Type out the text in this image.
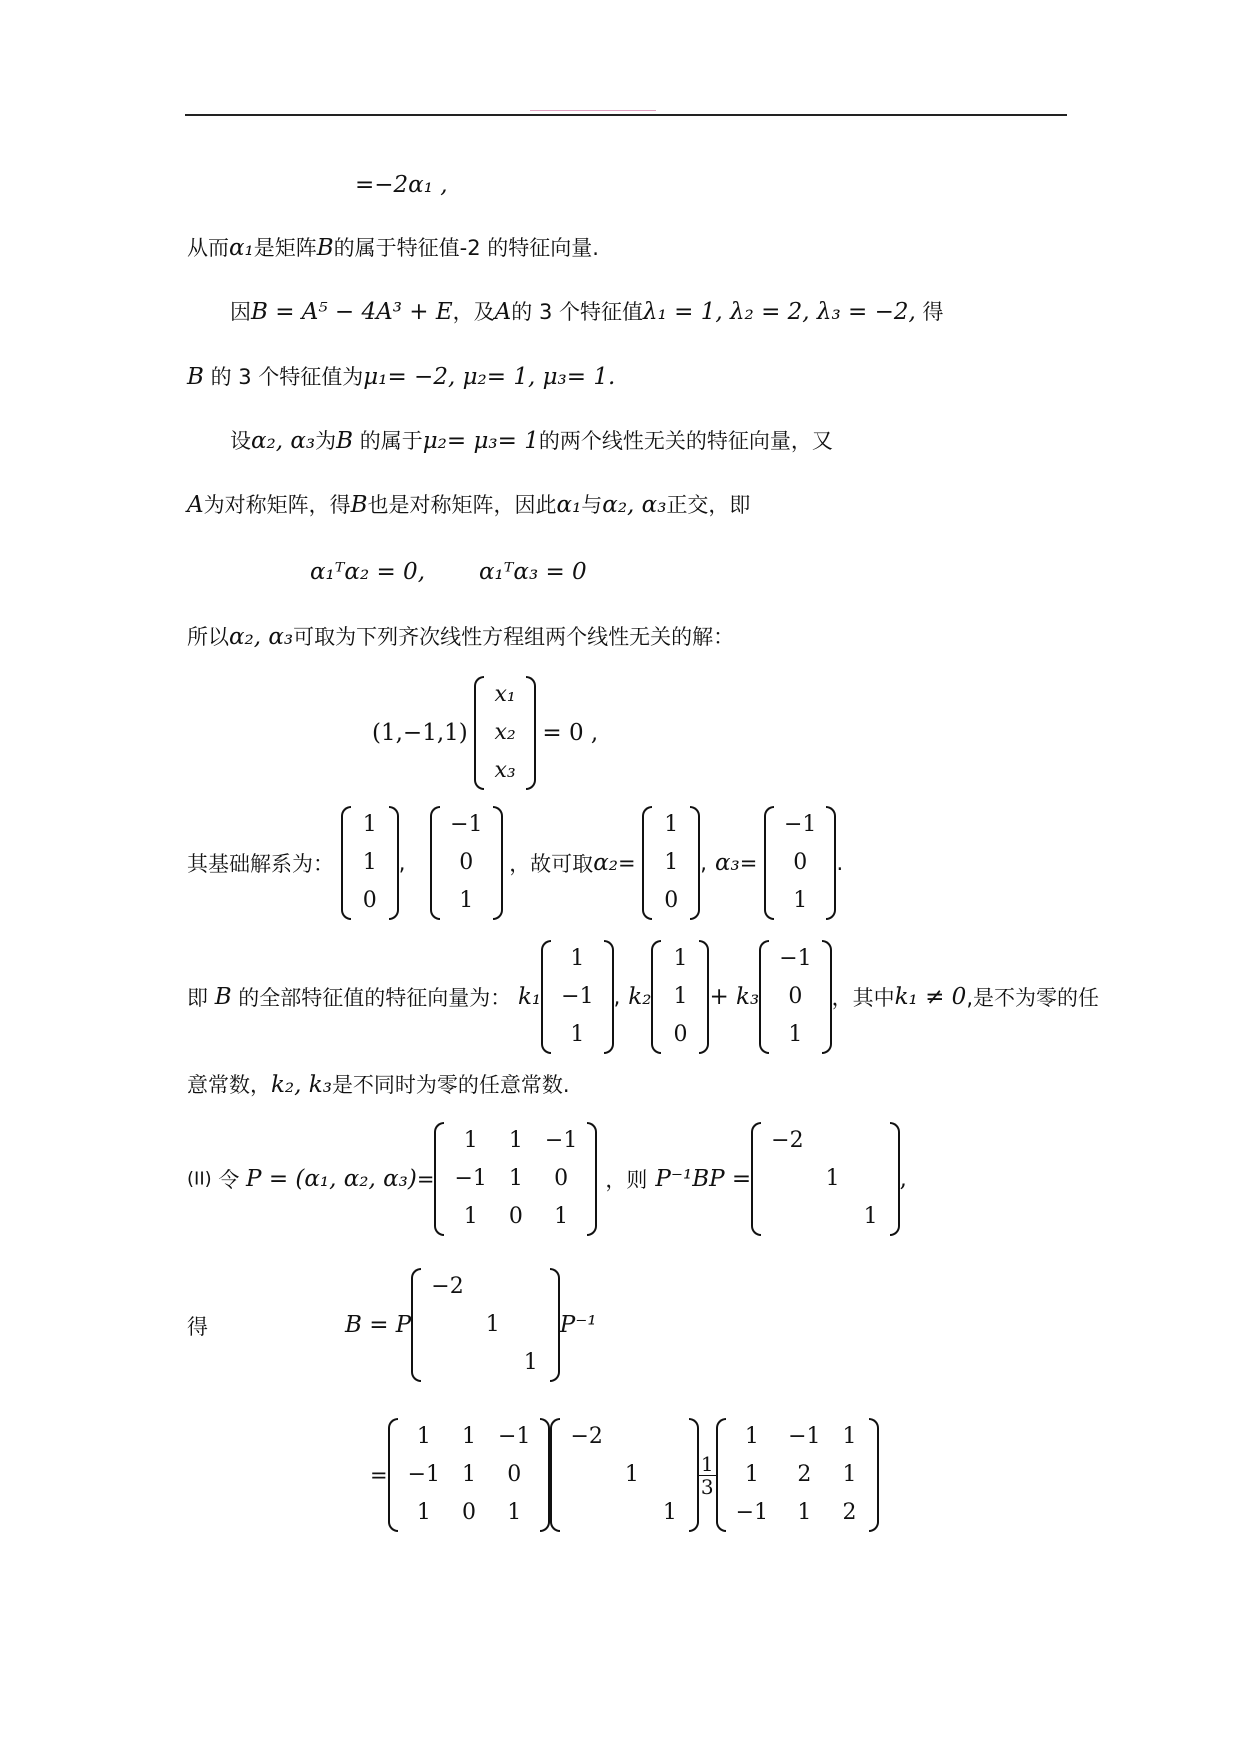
=−2α₁ ,
从而α₁是矩阵B的属于特征值-2 的特征向量.
因B = A⁵ − 4A³ + E，及A的 3 个特征值λ₁ = 1, λ₂ = 2, λ₃ = −2, 得
B 的 3 个特征值为μ₁= −2, μ₂= 1, μ₃= 1.
设α₂, α₃为B 的属于μ₂= μ₃= 1的两个线性无关的特征向量，又
A为对称矩阵，得B也是对称矩阵，因此α₁与α₂, α₃正交，即
α₁ᵀα₂ = 0, α₁ᵀα₃ = 0
所以α₂, α₃可取为下列齐次线性方程组两个线性无关的解：
(1,−1,1)
x₁
x₂
x₃
= 0 ,
其基础解系为：
1
1
0
,
−1
0
1
，故可取α₂=
1
1
0
, α₃=
−1
0
1
.
即 B 的全部特征值的特征向量为： k₁
1
−1
1
, k₂
1
1
0
+ k₃
−1
0
1
，其中k₁ ≠ 0,是不为零的任
意常数，k₂, k₃是不同时为零的任意常数.
(II) 令 P = (α₁, α₂, α₃)=
1	1	−1
−1	1	0
1	0	1
，则 P⁻¹BP =
−2		
	1	
		1
,
得	B = P
−2		
	1	
		1
P⁻¹
=
1	1	−1
−1	1	0
1	0	1
−2		
	1	
		1
$\frac{1}{3}$
1	−1	1
1	2	1
−1	1	2
